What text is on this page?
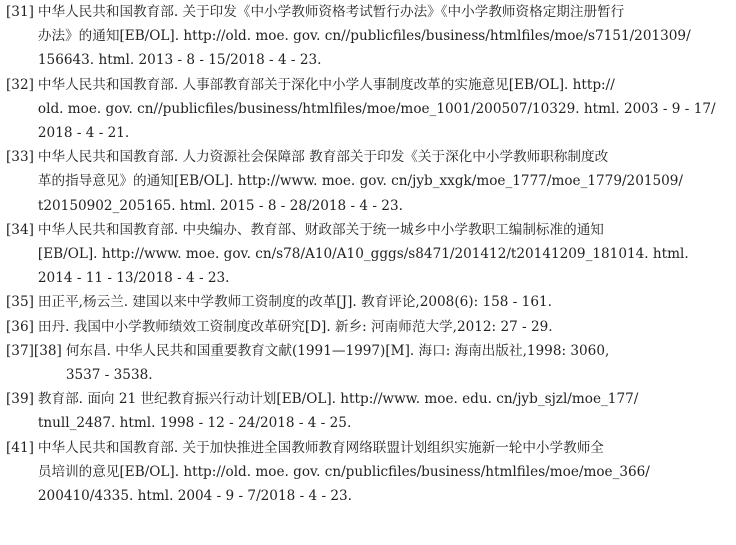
[31] 中华人民共和国教育部. 关于印发《中小学教师资格考试暂行办法》《中小学教师资格定期注册暂行
办法》的通知[EB/OL]. http://old. moe. gov. cn//publicfiles/business/htmlfiles/moe/s7151/201309/
156643. html. 2013 - 8 - 15/2018 - 4 - 23.
[32] 中华人民共和国教育部. 人事部教育部关于深化中小学人事制度改革的实施意见[EB/OL]. http://
old. moe. gov. cn//publicfiles/business/htmlfiles/moe/moe_1001/200507/10329. html. 2003 - 9 - 17/
2018 - 4 - 21.
[33] 中华人民共和国教育部. 人力资源社会保障部 教育部关于印发《关于深化中小学教师职称制度改
革的指导意见》的通知[EB/OL]. http://www. moe. gov. cn/jyb_xxgk/moe_1777/moe_1779/201509/
t20150902_205165. html. 2015 - 8 - 28/2018 - 4 - 23.
[34] 中华人民共和国教育部. 中央编办、教育部、财政部关于统一城乡中小学教职工编制标准的通知
[EB/OL]. http://www. moe. gov. cn/s78/A10/A10_gggs/s8471/201412/t20141209_181014. html.
2014 - 11 - 13/2018 - 4 - 23.
[35] 田正平,杨云兰. 建国以来中学教师工资制度的改革[J]. 教育评论,2008(6): 158 - 161.
[36] 田丹. 我国中小学教师绩效工资制度改革研究[D]. 新乡: 河南师范大学,2012: 27 - 29.
[37][38] 何东昌. 中华人民共和国重要教育文献(1991—1997)[M]. 海口: 海南出版社,1998: 3060,
3537 - 3538.
[39] 教育部. 面向 21 世纪教育振兴行动计划[EB/OL]. http://www. moe. edu. cn/jyb_sjzl/moe_177/
tnull_2487. html. 1998 - 12 - 24/2018 - 4 - 25.
[41] 中华人民共和国教育部. 关于加快推进全国教师教育网络联盟计划组织实施新一轮中小学教师全
员培训的意见[EB/OL]. http://old. moe. gov. cn/publicfiles/business/htmlfiles/moe/moe_366/
200410/4335. html. 2004 - 9 - 7/2018 - 4 - 23.
